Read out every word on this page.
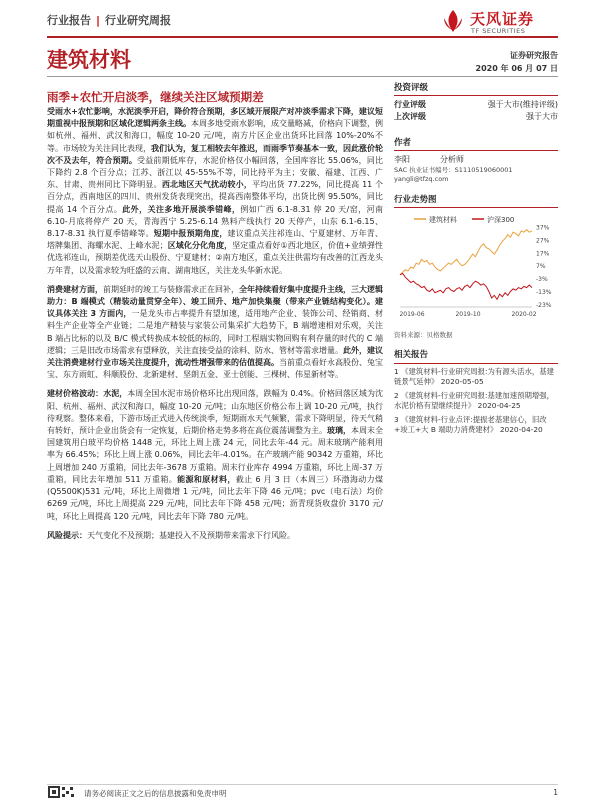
行业报告 | 行业研究周报	天风证券
TF SECURITIES
建筑材料	证券研究报告
2020 年 06 月 07 日
雨季+农忙开启淡季，继续关注区域预期差

受雨水+农忙影响，水泥淡季开启，降价符合预期，多区域开展限产对冲淡季需求下降，建议短期重视中报预期和区域化逻辑两条主线。本周多地受雨水影响，成交量略减，价格向下调整，例如杭州、福州、武汉和海口，幅度 10-20 元/吨，南方片区企业出货环比回落 10%-20%不等。市场较为关注同比表现，我们认为，复工相较去年推迟，而雨季节奏基本一致，因此涨价轮次不及去年，符合预期。受益前期低库存，水泥价格仅小幅回落，全国库容比 55.06%，同比下降约 2.8 个百分点；江苏、浙江以 45-55%不等，同比持平为主；安徽、福建、江西、广东、甘肃、贵州同比下降明显。西北地区天气扰动较小，平均出货 77.22%，同比提高 11 个百分点，西南地区的四川、贵州发货表现突出，提高西南整体平均，出货比例 95.50%，同比提高 14 个百分点。此外，关注多地开展淡季错峰，例如广西 6.1-8.31 停 20 天/窑，河南 6.10-月底将停产 20 天，青海西宁 5.25-6.14 熟料产线执行 20 天停产，山东 6.1-6.15、8.17-8.31 执行夏季错峰等。短期中报预期角度，建议重点关注祁连山、宁夏建材、万年青、塔牌集团、海螺水泥、上峰水泥；区域化分化角度，坚定重点看好①西北地区，价值+业绩弹性优选祁连山，预期差优选天山股份、宁夏建材；②南方地区，重点关注供需均有改善的江西龙头万年青，以及需求较为旺盛的云南、湖南地区，关注龙头华新水泥。

消费建材方面，前期延时的竣工与装修需求正在回补，全年持续看好集中度提升主线，三大逻辑助力：B 端模式（精装动量贯穿全年）、竣工回升、地产加快集聚（带来产业链结构变化）。建议具体关注 3 方面内，一是龙头市占率提升有望加速，适用地产企业、装饰公司、经销商、材料生产企业等全产业链；二是地产精装与家装公司集采扩大趋势下，B 端增速相对乐观，关注 B 端占比标的以及 B/C 模式转换成本较低的标的，同时工程端实物回购有利存量的时代的 C 端逻辑；三是旧改市场需求有望释放，关注直接受益的涂料、防水、管材等需求增量。此外，建议关注消费建材行业市场关注度提升，流动性增强带来的估值提高。当前重点看好永高股份、兔宝宝、东方雨虹、科顺股份、北新建材、坚朗五金、亚士创能、三棵树、伟星新材等。

建材价格波动：水泥，本周全国水泥市场价格环比出现回落，跌幅为 0.4%。价格回落区域为沈阳、杭州、福州、武汉和海口，幅度 10-20 元/吨；山东地区价格公布上调 10-20 元/吨，执行待观察。整体来看，下游市场正式进入传统淡季，短期雨水天气频繁，需求下降明显，待天气稍有转好，预计企业出货会有一定恢复，后期价格走势多将在高位震荡调整为主。玻璃，本周末全国建筑用白玻平均价格 1448 元，环比上周上涨 24 元，同比去年-44 元。周末玻璃产能利用率为 66.45%；环比上周上涨 0.06%，同比去年-4.01%。在产玻璃产能 90342 万重箱，环比上周增加 240 万重箱，同比去年-3678 万重箱。周末行业库存 4994 万重箱，环比上周-37 万重箱，同比去年增加 511 万重箱。能源和原材料，截止 6 月 3 日（本周三）环渤海动力煤(Q5500K)531 元/吨，环比上周微增 1 元/吨，同比去年下降 46 元/吨；pvc（电石法）均价 6269 元/吨，环比上周提高 229 元/吨，同比去年下降 458 元/吨；沥青现货收盘价 3170 元/吨，环比上周提高 120 元/吨，同比去年下降 780 元/吨。

风险提示：天气变化不及预期；基建投入不及预期带来需求下行风险。

投资评级
行业评级	强于大市(维持评级)
上次评级	强于大市
作者
李阳	分析师
SAC 执业证书编号：S1110519060001
yangli@tfzq.com
行业走势图
建筑材料	沪深300
37%
27%
17%
7%
-3%
-13%
-23%
2019-06	2019-10	2020-02
资料来源：贝格数据
相关报告
1 《建筑材料-行业研究周报:为有源头活水，基建链景气延伸》 2020-05-05
2 《建筑材料-行业研究周报:基建加速预期增强，水泥价格有望继续提升》 2020-04-25
3 《建筑材料-行业点评:提振老基建信心，旧改+竣工+大 B 端助力消费建材》 2020-04-20
请务必阅读正文之后的信息披露和免责申明	1
